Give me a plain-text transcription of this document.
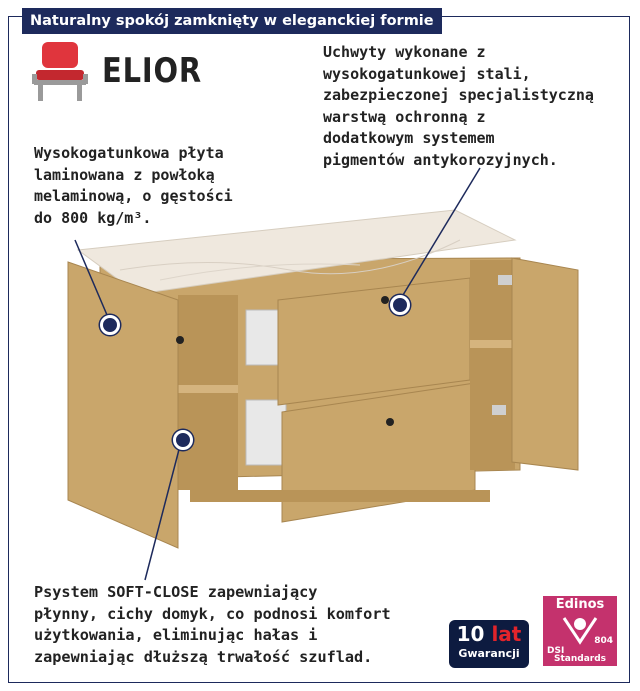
Naturalny spokój zamknięty w eleganckiej formie
ELIOR	Uchwyty wykonane z
wysokogatunkowej stali,
zabezpieczonej specjalistyczną
warstwą ochronną z
dodatkowym systemem
pigmentów antykorozyjnych.
Wysokogatunkowa płyta
laminowana z powłoką
melaminową, o gęstości
do 800 kg/m³.
Psystem SOFT-CLOSE zapewniający
płynny, cichy domyk, co podnosi komfort
użytkowania, eliminując hałas i
zapewniając dłuższą trwałość szuflad.
10 lat
Gwarancji
Edinos
DSI
804
Standards
